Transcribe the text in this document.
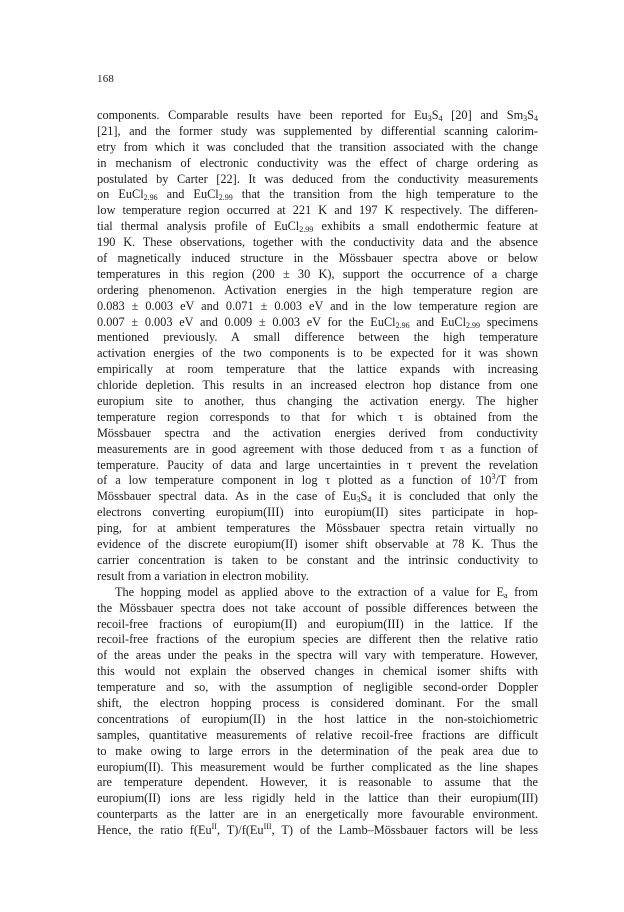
168
components. Comparable results have been reported for $Eu_3S_4$ [20] and $Sm_3S_4$
[21], and the former study was supplemented by differential scanning calorim-
etry from which it was concluded that the transition associated with the change
in mechanism of electronic conductivity was the effect of charge ordering as
postulated by Carter [22]. It was deduced from the conductivity measurements
on EuCl$_{2.96}$ and EuCl$_{2.99}$ that the transition from the high temperature to the
low temperature region occurred at 221 K and 197 K respectively. The differen-
tial thermal analysis profile of EuCl$_{2.99}$ exhibits a small endothermic feature at
190 K. These observations, together with the conductivity data and the absence
of magnetically induced structure in the Mössbauer spectra above or below
temperatures in this region (200 ± 30 K), support the occurrence of a charge
ordering phenomenon. Activation energies in the high temperature region are
0.083 ± 0.003 eV and 0.071 ± 0.003 eV and in the low temperature region are
0.007 ± 0.003 eV and 0.009 ± 0.003 eV for the EuCl$_{2.96}$ and EuCl$_{2.99}$ specimens
mentioned previously. A small difference between the high temperature
activation energies of the two components is to be expected for it was shown
empirically at room temperature that the lattice expands with increasing
chloride depletion. This results in an increased electron hop distance from one
europium site to another, thus changing the activation energy. The higher
temperature region corresponds to that for which τ is obtained from the
Mössbauer spectra and the activation energies derived from conductivity
measurements are in good agreement with those deduced from τ as a function of
temperature. Paucity of data and large uncertainties in τ prevent the revelation
of a low temperature component in log τ plotted as a function of $10^3/T$ from
Mössbauer spectral data. As in the case of $Eu_3S_4$ it is concluded that only the
electrons converting europium(III) into europium(II) sites participate in hop-
ping, for at ambient temperatures the Mössbauer spectra retain virtually no
evidence of the discrete europium(II) isomer shift observable at 78 K. Thus the
carrier concentration is taken to be constant and the intrinsic conductivity to
result from a variation in electron mobility.
The hopping model as applied above to the extraction of a value for $E_a$ from
the Mössbauer spectra does not take account of possible differences between the
recoil-free fractions of europium(II) and europium(III) in the lattice. If the
recoil-free fractions of the europium species are different then the relative ratio
of the areas under the peaks in the spectra will vary with temperature. However,
this would not explain the observed changes in chemical isomer shifts with
temperature and so, with the assumption of negligible second-order Doppler
shift, the electron hopping process is considered dominant. For the small
concentrations of europium(II) in the host lattice in the non-stoichiometric
samples, quantitative measurements of relative recoil-free fractions are difficult
to make owing to large errors in the determination of the peak area due to
europium(II). This measurement would be further complicated as the line shapes
are temperature dependent. However, it is reasonable to assume that the
europium(II) ions are less rigidly held in the lattice than their europium(III)
counterparts as the latter are in an energetically more favourable environment.
Hence, the ratio $f(Eu^{II}$, $T)/f(Eu^{III}$, T) of the Lamb–Mössbauer factors will be less
